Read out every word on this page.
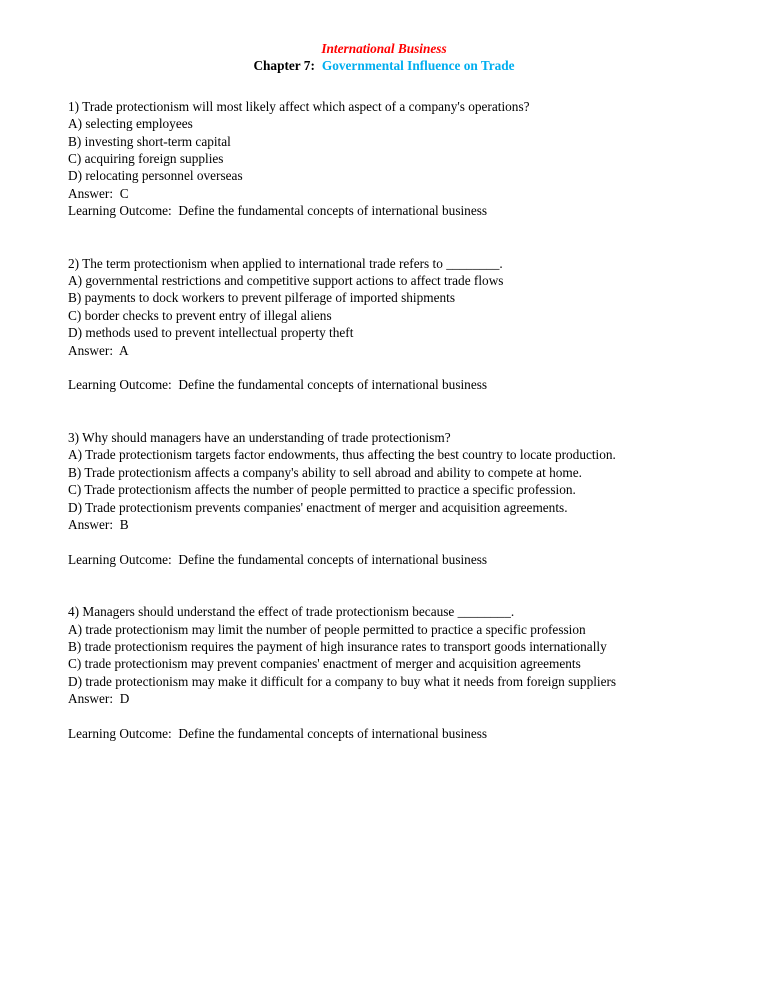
International Business

Chapter 7: Governmental Influence on Trade

1) Trade protectionism will most likely affect which aspect of a company's operations?

A) selecting employees

B) investing short-term capital

C) acquiring foreign supplies

D) relocating personnel overseas

Answer:  C

Learning Outcome:  Define the fundamental concepts of international business

2) The term protectionism when applied to international trade refers to ________.

A) governmental restrictions and competitive support actions to affect trade flows

B) payments to dock workers to prevent pilferage of imported shipments

C) border checks to prevent entry of illegal aliens

D) methods used to prevent intellectual property theft

Answer:  A

Learning Outcome:  Define the fundamental concepts of international business

3) Why should managers have an understanding of trade protectionism?

A) Trade protectionism targets factor endowments, thus affecting the best country to locate production.

B) Trade protectionism affects a company's ability to sell abroad and ability to compete at home.

C) Trade protectionism affects the number of people permitted to practice a specific profession.

D) Trade protectionism prevents companies' enactment of merger and acquisition agreements.

Answer:  B

Learning Outcome:  Define the fundamental concepts of international business

4) Managers should understand the effect of trade protectionism because ________.

A) trade protectionism may limit the number of people permitted to practice a specific profession

B) trade protectionism requires the payment of high insurance rates to transport goods internationally

C) trade protectionism may prevent companies' enactment of merger and acquisition agreements

D) trade protectionism may make it difficult for a company to buy what it needs from foreign suppliers

Answer:  D

Learning Outcome:  Define the fundamental concepts of international business
